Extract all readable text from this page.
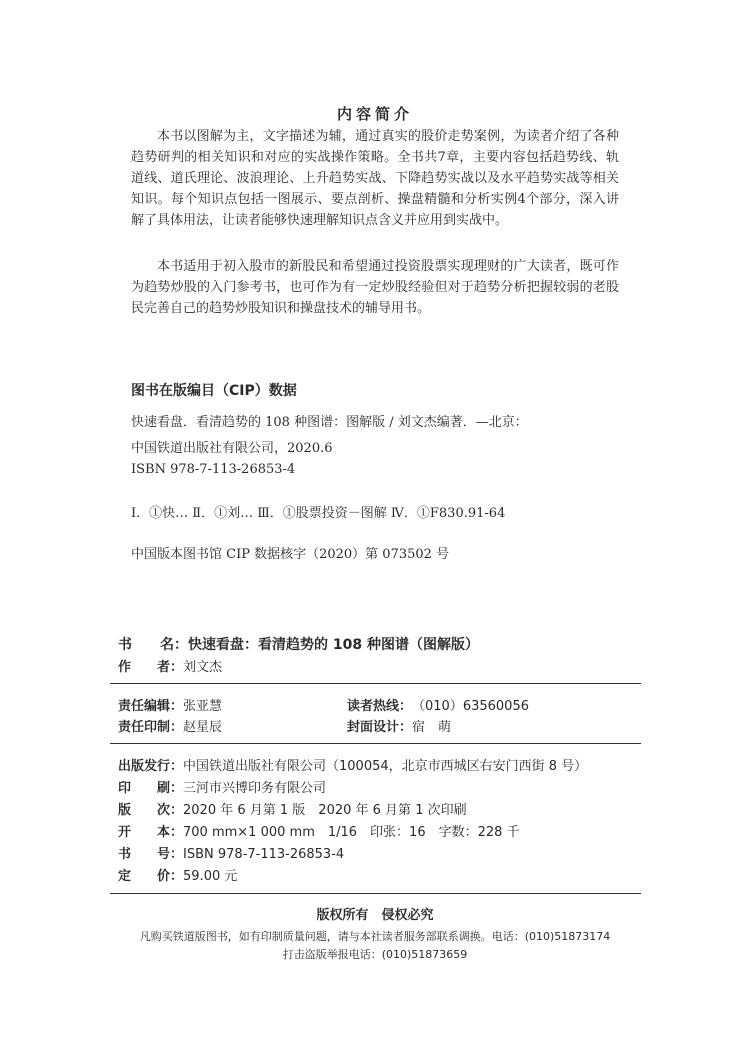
内容简介
本书以图解为主，文字描述为辅，通过真实的股价走势案例，为读者介绍了各种趋势研判的相关知识和对应的实战操作策略。全书共7章，主要内容包括趋势线、轨道线、道氏理论、波浪理论、上升趋势实战、下降趋势实战以及水平趋势实战等相关知识。每个知识点包括一图展示、要点剖析、操盘精髓和分析实例4个部分，深入讲解了具体用法，让读者能够快速理解知识点含义并应用到实战中。
本书适用于初入股市的新股民和希望通过投资股票实现理财的广大读者，既可作为趋势炒股的入门参考书，也可作为有一定炒股经验但对于趋势分析把握较弱的老股民完善自己的趋势炒股知识和操盘技术的辅导用书。
图书在版编目（CIP）数据
快速看盘．看清趋势的 108 种图谱：图解版 / 刘文杰编著．—北京：
中国铁道出版社有限公司，2020.6
ISBN 978-7-113-26853-4
Ⅰ．①快… Ⅱ．①刘… Ⅲ．①股票投资－图解 Ⅳ．①F830.91-64
中国版本图书馆 CIP 数据核字（2020）第 073502 号
书　　名：快速看盘：看清趋势的 108 种图谱（图解版）
作　　者：刘文杰
责任编辑：张亚慧	读者热线：（010）63560056
责任印制：赵星辰	封面设计：宿　萌
出版发行：中国铁道出版社有限公司（100054，北京市西城区右安门西街 8 号）
印　　刷：三河市兴博印务有限公司
版　　次：2020 年 6 月第 1 版　2020 年 6 月第 1 次印刷
开　　本：700 mm×1 000 mm　1/16　印张：16　字数：228 千
书　　号：ISBN 978-7-113-26853-4
定　　价：59.00 元
版权所有　侵权必究
凡购买铁道版图书，如有印制质量问题，请与本社读者服务部联系调换。电话：(010)51873174
打击盗版举报电话：(010)51873659
